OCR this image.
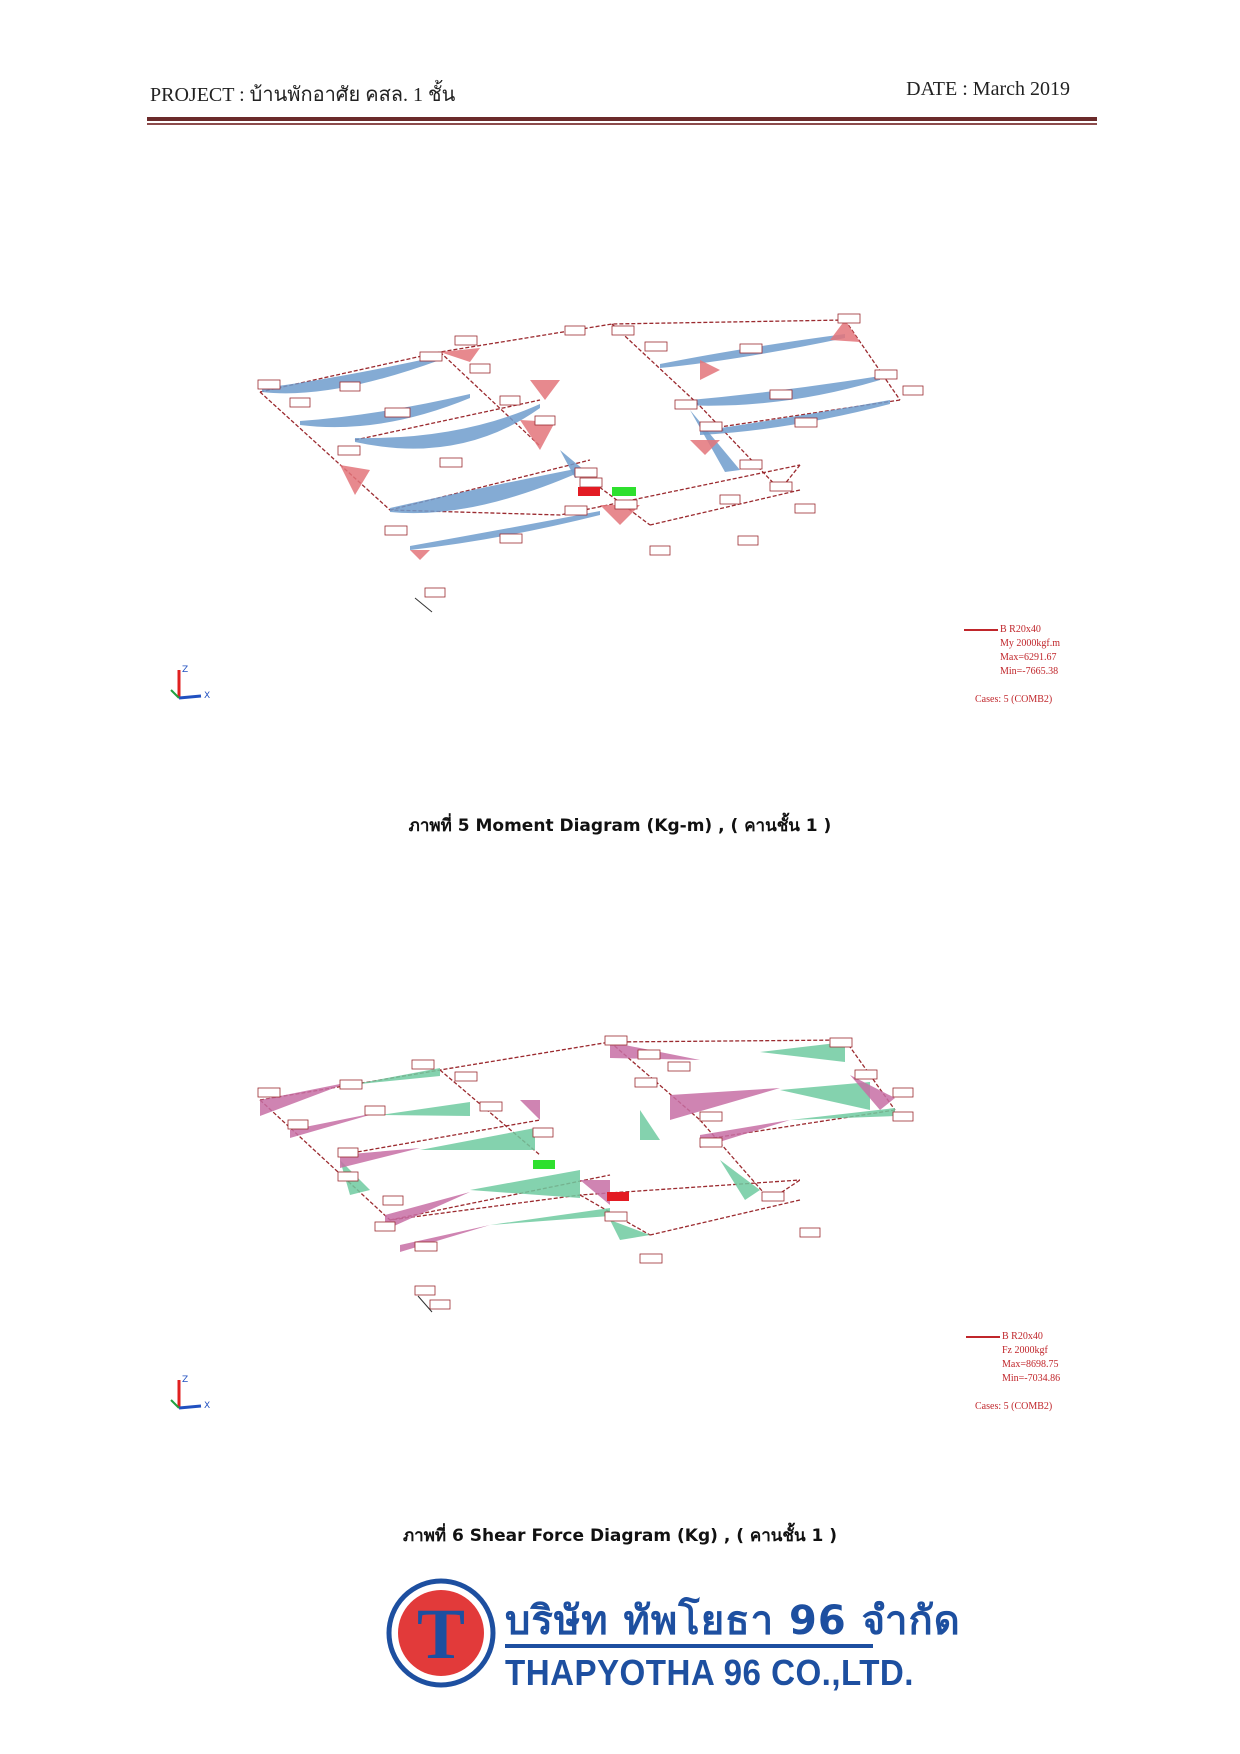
PROJECT : บ้านพักอาศัย คสล. 1 ชั้น	DATE : March 2019
B R20x40
My 2000kgf.m
Max=6291.67
Min=-7665.38
Cases: 5 (COMB2)
Z
X
ภาพที่ 5 Moment Diagram (Kg-m) , ( คานชั้น 1 )
B R20x40
Fz 2000kgf
Max=8698.75
Min=-7034.86
Cases: 5 (COMB2)
Z
X
ภาพที่ 6 Shear Force Diagram (Kg) , ( คานชั้น 1 )
T บริษัท ทัพโยธา 96 จำกัด
THAPYOTHA 96 CO.,LTD.
